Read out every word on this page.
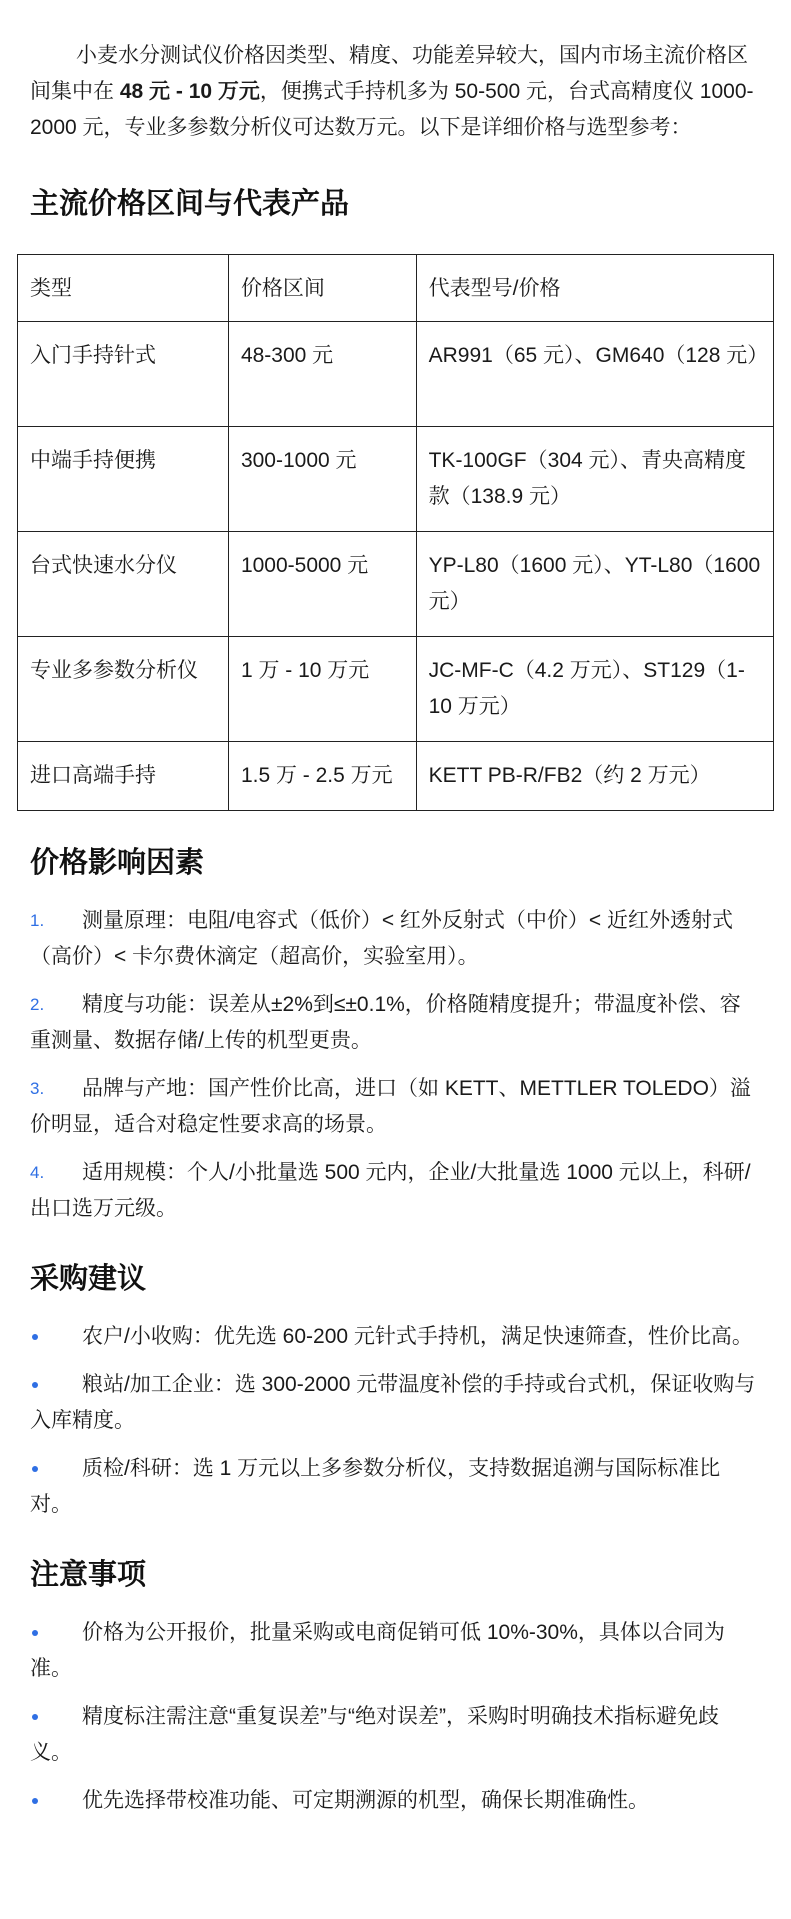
小麦水分测试仪价格因类型、精度、功能差异较大，国内市场主流价格区间集中在 48 元 - 10 万元，便携式手持机多为 50-500 元，台式高精度仪 1000-2000 元，专业多参数分析仪可达数万元。以下是详细价格与选型参考：

主流价格区间与代表产品
类型	价格区间	代表型号/价格
入门手持针式	48-300 元	AR991（65 元）、GM640（128 元）
中端手持便携	300-1000 元	TK-100GF（304 元）、青央高精度款（138.9 元）
台式快速水分仪	1000-5000 元	YP-L80（1600 元）、YT-L80（1600 元）
专业多参数分析仪	1 万 - 10 万元	JC-MF-C（4.2 万元）、ST129（1-10 万元）
进口高端手持	1.5 万 - 2.5 万元	KETT PB-R/FB2（约 2 万元）
价格影响因素
1. 测量原理：电阻/电容式（低价）< 红外反射式（中价）< 近红外透射式（高价）< 卡尔费休滴定（超高价，实验室用）。
2. 精度与功能：误差从±2%到≤±0.1%，价格随精度提升；带温度补偿、容重测量、数据存储/上传的机型更贵。
3. 品牌与产地：国产性价比高，进口（如 KETT、METTLER TOLEDO）溢价明显，适合对稳定性要求高的场景。
4. 适用规模：个人/小批量选 500 元内，企业/大批量选 1000 元以上，科研/出口选万元级。
采购建议
农户/小收购：优先选 60-200 元针式手持机，满足快速筛查，性价比高。
粮站/加工企业：选 300-2000 元带温度补偿的手持或台式机，保证收购与入库精度。
质检/科研：选 1 万元以上多参数分析仪，支持数据追溯与国际标准比对。
注意事项
价格为公开报价，批量采购或电商促销可低 10%-30%，具体以合同为准。
精度标注需注意“重复误差”与“绝对误差”，采购时明确技术指标避免歧义。
优先选择带校准功能、可定期溯源的机型，确保长期准确性。
